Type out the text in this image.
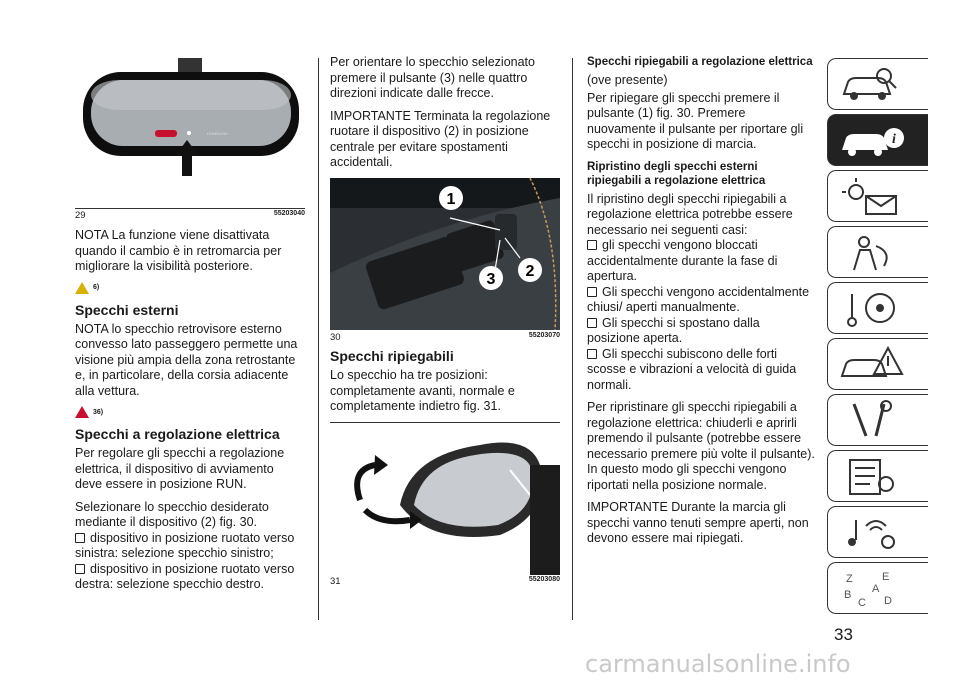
HOMELINK
29	55203040

NOTA La funzione viene disattivata quando il cambio è in retromarcia per migliorare la visibilità posteriore.

6)
Specchi esterni

NOTA lo specchio retrovisore esterno convesso lato passeggero permette una visione più ampia della zona retrostante e, in particolare, della corsia adiacente alla vettura.

36)
Specchi a regolazione elettrica

Per regolare gli specchi a regolazione elettrica, il dispositivo di avviamento deve essere in posizione RUN.

Selezionare lo specchio desiderato mediante il dispositivo (2) fig. 30.

dispositivo in posizione ruotato verso sinistra: selezione specchio sinistro;

dispositivo in posizione ruotato verso destra: selezione specchio destro.

Per orientare lo specchio selezionato premere il pulsante (3) nelle quattro direzioni indicate dalle frecce.

IMPORTANTE Terminata la regolazione ruotare il dispositivo (2) in posizione centrale per evitare spostamenti accidentali.

1
2
3
30	55203070
Specchi ripiegabili

Lo specchio ha tre posizioni: completamente avanti, normale e completamente indietro fig. 31.

31	55203080
Specchi ripiegabili a regolazione elettrica

(ove presente)

Per ripiegare gli specchi premere il pulsante (1) fig. 30. Premere nuovamente il pulsante per riportare gli specchi in posizione di marcia.

Ripristino degli specchi esterni ripiegabili a regolazione elettrica

Il ripristino degli specchi ripiegabili a regolazione elettrica potrebbe essere necessario nei seguenti casi:

gli specchi vengono bloccati accidentalmente durante la fase di apertura.

Gli specchi vengono accidentalmente chiusi/ aperti manualmente.

Gli specchi si spostano dalla posizione aperta.

Gli specchi subiscono delle forti scosse e vibrazioni a velocità di guida normali.

Per ripristinare gli specchi ripiegabili a regolazione elettrica: chiuderli e aprirli premendo il pulsante (potrebbe essere necessario premere più volte il pulsante). In questo modo gli specchi vengono riportati nella posizione normale.

IMPORTANTE Durante la marcia gli specchi vanno tenuti sempre aperti, non devono essere mai ripiegati.

i
Z	E
A
B
C D
33
carmanualsonline.info
